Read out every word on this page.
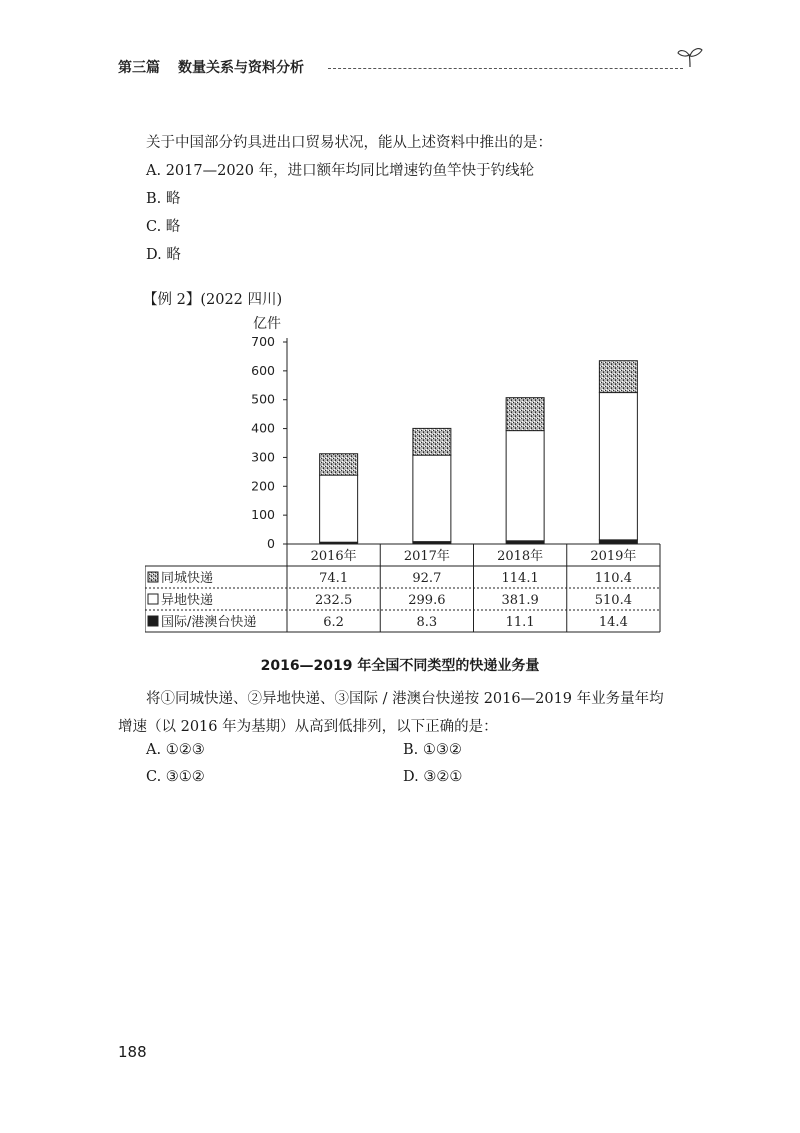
第三篇 数量关系与资料分析
关于中国部分钓具进出口贸易状况，能从上述资料中推出的是：
A. 2017—2020 年，进口额年均同比增速钓鱼竿快于钓线轮
B. 略
C. 略
D. 略
【例 2】(2022 四川)
亿件
0
100
200
300
400
500
600
700
2016年	2017年	2018年	2019年
同城快递	74.1	92.7	114.1	110.4
异地快递	232.5	299.6	381.9	510.4
国际/港澳台快递	6.2	8.3	11.1	14.4
2016—2019 年全国不同类型的快递业务量
将①同城快递、②异地快递、③国际 / 港澳台快递按 2016—2019 年业务量年均
增速（以 2016 年为基期）从高到低排列，以下正确的是：
A. ①②③	B. ①③②
C. ③①②	D. ③②①
188
